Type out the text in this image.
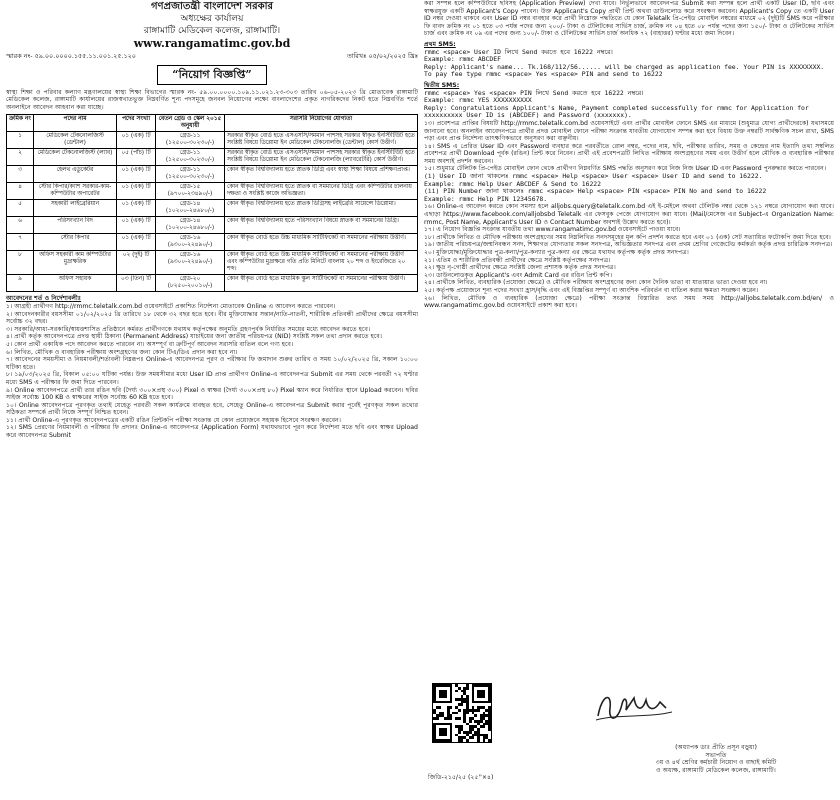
গণপ্রজাতন্ত্রী বাংলাদেশ সরকার
অধ্যক্ষের কার্যালয়
রাঙ্গামাটি মেডিকেল কলেজ, রাঙ্গামাটি।
www.rangamatimc.gov.bd
স্মারক নং- ৫৯.০০.০০০০.১৫৫.১১.০০১.২৫.১২০	তারিখঃ ০৫/০২/২০২৫ খ্রিঃ
“নিয়োগ বিজ্ঞপ্তি”

স্বাস্থ্য শিক্ষা ও পরিবার কল্যাণ মন্ত্রণালয়ের স্বাস্থ্য শিক্ষা বিভাগের স্মারক নং- ৫৯.০০.০০০০.১০৯.১১.০২১.২৩-৩০৩ তারিখ ০৬-০৫-২০২৩ খ্রি মোতাবেক রাঙ্গামাটি মেডিকেল কলেজ, রাঙ্গামাটি কার্যালয়ের রাজস্বখাতভুক্ত নিম্নবর্ণিত শূন্য পদসমূহে জনবল নিয়োগের লক্ষ্যে বাংলাদেশের প্রকৃত নাগরিকদের নিকট হতে নিম্নবর্ণিত শর্তে অনলাইনে আবেদন আহবান করা যাচ্ছে।

ক্রমিক নং	পদের নাম	পদের সংখ্যা	বেতন গ্রেড ও স্কেল ২০১৫ অনুযায়ী	সরাসরি নিয়োগের যোগ্যতা
১	মেডিকেল টেকনোলজিস্ট (ডেন্টাল)	০১ (এক) টি	গ্রেড-১১ (১২৫০০-৩০২৩০/-)	সরকার স্বীকৃত বোর্ড হতে এসএসসি/সমমান পাশসহ সরকার স্বীকৃত ইনস্টিটিউট হতে সংশ্লিষ্ট বিষয়ে ডিপ্লোমা ইন মেডিকেল টেকনোলজি (ডেন্টাল) কোর্স উত্তীর্ণ।
২	মেডিকেল টেকনোলজিস্ট (ল্যাব)	০৫ (পাঁচ) টি	গ্রেড-১১ (১২৫০০-৩০২৩০/-)	সরকার স্বীকৃত বোর্ড হতে এসএসসি/সমমান পাশসহ সরকার স্বীকৃত ইনস্টিটিউট হতে সংশ্লিষ্ট বিষয়ে ডিপ্লোমা ইন মেডিকেল টেকনোলজি (ল্যাবরেটরি) কোর্স উত্তীর্ণ।
৩	হেলথ এডুকেটর	০১ (এক) টি	গ্রেড-১১ (১২৫০০-৩০২৩০/-)	কোন স্বীকৃত বিশ্ববিদ্যালয় হতে স্নাতক ডিগ্রি এবং স্বাস্থ্য শিক্ষা বিষয়ে প্রশিক্ষণপ্রাপ্ত।
৪	স্টোর কিপার/ক্যাশ সরকার-কাম-কম্পিউটার অপারেটর	০১ (এক) টি	গ্রেড-১৫ (৯৭০০-২৩৪৯০/-)	কোন স্বীকৃত বিশ্ববিদ্যালয় হতে স্নাতক বা সমমানের ডিগ্রি এবং কম্পিউটার চালনায় দক্ষতা ও সংশ্লিষ্ট কাজে অভিজ্ঞতা।
৫	সহকারী লাইব্রেরিয়ান	০১ (এক) টি	গ্রেড-১৪ (১০২০০-২৪৬৮০/-)	কোন স্বীকৃত বিশ্ববিদ্যালয় হতে স্নাতক ডিগ্রিসহ লাইব্রেরি সায়েন্সে ডিপ্লোমা।
৬	পরিসংখ্যান বিদ	০১ (এক) টি	গ্রেড-১৪ (১০২০০-২৪৬৮০/-)	কোন স্বীকৃত বিশ্ববিদ্যালয় হতে পরিসংখ্যান বিষয়ে স্নাতক বা সমমানের ডিগ্রি।
৭	স্টোর কিপার	০১ (এক) টি	গ্রেড-১৬ (৯৩০০-২২৪৯০/-)	কোন স্বীকৃত বোর্ড হতে উচ্চ মাধ্যমিক সার্টিফিকেট বা সমমানের পরীক্ষায় উত্তীর্ণ।
৮	অফিস সহকারী কাম কম্পিউটার মুদ্রাক্ষরিক	০২ (দুই) টি	গ্রেড-১৬ (৯৩০০-২২৪৯০/-)	কোন স্বীকৃত বোর্ড হতে উচ্চ মাধ্যমিক সার্টিফিকেট বা সমমানের পরীক্ষায় উত্তীর্ণ এবং কম্পিউটার মুদ্রাক্ষরে গতি প্রতি মিনিটে বাংলায় ২০ শব্দ ও ইংরেজিতে ২০ শব্দ।
৯	অফিস সহায়ক	০৩ (তিন) টি	গ্রেড-২০ (৮২৫০-২০০১০/-)	কোন স্বীকৃত বোর্ড হতে মাধ্যমিক স্কুল সার্টিফিকেট বা সমমানের পরীক্ষায় উত্তীর্ণ।
আবেদনের শর্ত ও নির্দেশাবলীঃ

১। আগ্রহী প্রার্থীগণ http://rmmc.teletalk.com.bd ওয়েবসাইটে প্রকাশিত নির্দেশনা মোতাবেক Online এ আবেদন করতে পারবেন।

২। আবেদনকারীর বয়সসীমা ০১/০২/২০২৫ খ্রি তারিখে ১৮ থেকে ৩২ বছর হতে হবে। বীর মুক্তিযোদ্ধার সন্তান/নাতি-নাতনী, শারীরিক প্রতিবন্ধী প্রার্থীদের ক্ষেত্রে বয়সসীমা সর্বোচ্চ ৩২ বছর।

৩। সরকারি/আধা-সরকারি/স্বায়ত্তশাসিত প্রতিষ্ঠানে কর্মরত প্রার্থীগণকে যথাযথ কর্তৃপক্ষের অনুমতি গ্রহণপূর্বক নির্ধারিত সময়ের মধ্যে আবেদন করতে হবে।

৪। প্রার্থী কর্তৃক আবেদনপত্রে প্রদত্ত স্থায়ী ঠিকানা (Permanent Address) যাচাইয়ের জন্য জাতীয় পরিচয়পত্র (NID) সংশ্লিষ্ট সকল তথ্য প্রদান করতে হবে।

৫। কোন প্রার্থী একাধিক পদে আবেদন করতে পারবেন না। অসম্পূর্ণ বা ত্রুটিপূর্ণ আবেদন সরাসরি বাতিল বলে গণ্য হবে।

৬। লিখিত, মৌখিক ও ব্যবহারিক পরীক্ষায় অংশগ্রহণের জন্য কোন টিএ/ডিএ প্রদান করা হবে না।

৭। আবেদনের সময়সীমা ও নিয়মাবলী/শর্তাবলী নিম্নরূপঃ Online-এ আবেদনপত্র পূরণ ও পরীক্ষার ফি জমাদান শুরুর তারিখ ও সময় ১০/০২/২০২৫ খ্রি, সকাল ১০:০০ ঘটিকা হতে।

৮। ১৯/০৩/২০২৫ খ্রি, বিকাল ০৫:০০ ঘটিকা পর্যন্ত। উক্ত সময়সীমার মধ্যে User ID প্রাপ্ত প্রার্থীগণ Online-এ আবেদনপত্র Submit এর সময় থেকে পরবর্তী ৭২ ঘণ্টার মধ্যে SMS এ পরীক্ষার ফি জমা দিতে পারবেন।

৯। Online আবেদনপত্রে প্রার্থী তার রঙিন ছবি (দৈর্ঘ্য ৩০০×প্রস্থ ৩০০) Pixel ও স্বাক্ষর (দৈর্ঘ্য ৩০০×প্রস্থ ৮০) Pixel স্ক্যান করে নির্ধারিত স্থানে Upload করবেন। ছবির সাইজ সর্বোচ্চ 100 KB ও স্বাক্ষরের সাইজ সর্বোচ্চ 60 KB হতে হবে।

১০। Online আবেদনপত্রে পূরণকৃত তথ্যই যেহেতু পরবর্তী সকল কার্যক্রমে ব্যবহৃত হবে, সেহেতু Online-এ আবেদনপত্র Submit করার পূর্বেই পূরণকৃত সকল তথ্যের সঠিকতা সম্পর্কে প্রার্থী নিজে সম্পূর্ণ নিশ্চিত হবেন।

১১। প্রার্থী Online-এ পূরণকৃত আবেদনপত্রের একটি রঙিন প্রিন্টকপি পরীক্ষা সংক্রান্ত যে কোন প্রয়োজনে সহায়ক হিসেবে সংরক্ষণ করবেন।

১২। SMS প্রেরণের নিয়মাবলী ও পরীক্ষার ফি প্রদানঃ Online-এ আবেদনপত্র (Application Form) যথাযথভাবে পূরণ করে নির্দেশনা মতে ছবি এবং স্বাক্ষর Upload করে আবেদনপত্র Submit

করা সম্পন্ন হলে কম্পিউটারে ছবিসহ (Application Preview) দেখা যাবে। নির্ভুলভাবে আবেদনপত্র Submit করা সম্পন্ন হলে প্রার্থী একটি User ID, ছবি এবং স্বাক্ষরযুক্ত একটি Applicant's Copy পাবেন। উক্ত Applicant's Copy প্রার্থী প্রিন্ট অথবা ডাউনলোড করে সংরক্ষণ করবেন। Applicant's Copy তে একটি User ID নম্বর দেওয়া থাকবে এবং User ID নম্বর ব্যবহার করে প্রার্থী নিম্নোক্ত পদ্ধতিতে যে কোন Teletalk প্রি-পেইড মোবাইল নম্বরের মাধ্যমে ০২ (দুই)টি SMS করে পরীক্ষার ফি বাবদ ক্রমিক নং ০১ হতে ০৩ পর্যন্ত পদের জন্য ২০০/- টাকা ও টেলিটকের সার্ভিস চার্জ, ক্রমিক নং ০৪ হতে ০৮ পর্যন্ত পদের জন্য ১৫০/- টাকা ও টেলিটকের সার্ভিস চার্জ এবং ক্রমিক নং ০৯ এর পদের জন্য ১০০/- টাকা ও টেলিটকের সার্ভিস চার্জ অনধিক ৭২ (বাহাত্তর) ঘণ্টার মধ্যে জমা দিবেন।

প্রথম SMS:
rmmc <space> User ID লিখে Send করতে হবে 16222 নম্বরে।
Example: rmmc ABCDEF
Reply: Applicant's name... Tk.168/112/56...... will be charged as application fee. Your PIN is XXXXXXXX. To pay fee type rmmc <space> Yes <space> PIN and send to 16222
দ্বিতীয় SMS:
rmmc <space> Yes <space> PIN লিখে Send করতে হবে 16222 নম্বরে।
Example: rmmc YES XXXXXXXXXX
Reply: Congratulations Applicant's Name, Payment completed successfully for rmmc for Application for xxxxxxxxxx User ID is (ABCDEF) and Password (xxxxxxx).

১৩। প্রবেশপত্র প্রাপ্তির বিষয়টি http://rmmc.teletalk.com.bd ওয়েবসাইটে এবং প্রার্থীর মোবাইল ফোনে SMS এর মাধ্যমে (শুধুমাত্র যোগ্য প্রার্থীদেরকে) যথাসময়ে জানানো হবে। অনলাইন আবেদনপত্রে প্রার্থীর প্রদত্ত মোবাইল ফোনে পরীক্ষা সংক্রান্ত যাবতীয় যোগাযোগ সম্পন্ন করা হবে বিধায় উক্ত নম্বরটি সার্বক্ষণিক সচল রাখা, SMS পড়া এবং প্রাপ্ত নির্দেশনা তাৎক্ষণিকভাবে অনুসরণ করা বাঞ্ছনীয়।

১৪। SMS এ প্রেরিত User ID এবং Password ব্যবহার করে পরবর্তীতে রোল নম্বর, পদের নাম, ছবি, পরীক্ষার তারিখ, সময় ও কেন্দ্রের নাম ইত্যাদি তথ্য সম্বলিত প্রবেশপত্র প্রার্থী Download পূর্বক (রঙিন) প্রিন্ট করে নিবেন। প্রার্থী এই প্রবেশপত্রটি লিখিত পরীক্ষায় অংশগ্রহণের সময় এবং উত্তীর্ণ হলে মৌখিক ও ব্যবহারিক পরীক্ষার সময় অবশ্যই প্রদর্শন করবেন।

১৫। শুধুমাত্র টেলিটক প্রি-পেইড মোবাইল ফোন থেকে প্রার্থীগণ নিম্নবর্ণিত SMS পদ্ধতি অনুসরণ করে নিজ নিজ User ID এবং Password পুনরুদ্ধার করতে পারবেন।

(i) User ID জানা থাকলেঃ rmmc <space> Help <space> User <space> User ID and send to 16222.

Example: rmmc Help User ABCDEF & Send to 16222

(ii) PIN Number জানা থাকলেঃ rmmc <space> Help <space> PIN <space> PIN No and send to 16222

Example: rmmc Help PIN 12345678.

১৬। Online-এ আবেদন করতে কোন সমস্যা হলে alljobs.query@teletalk.com.bd এই ই-মেইলে অথবা টেলিটক নম্বর থেকে ১২১ নম্বরে যোগাযোগ করা যাবে। এছাড়া https://www.facebook.com/alljobsbd Teletalk এর ফেসবুক পেজে যোগাযোগ করা যাবে। (Mail/মেসেজ এর Subject-এ Organization Name: rmmc, Post Name, Applicant's User ID ও Contact Number অবশ্যই উল্লেখ করতে হবে)।

১৭। এ নিয়োগ বিজ্ঞপ্তি সংক্রান্ত যাবতীয় তথ্য www.rangamatimc.gov.bd ওয়েবসাইটে পাওয়া যাবে।

১৮। প্রার্থীকে লিখিত ও মৌখিক পরীক্ষায় অংশগ্রহণের সময় নিম্নলিখিত সনদসমূহের মূল কপি প্রদর্শন করতে হবে এবং ০১ (এক) সেট সত্যায়িত ফটোকপি জমা দিতে হবে।

১৯। জাতীয় পরিচয়পত্র/জন্মনিবন্ধন সনদ, শিক্ষাগত যোগ্যতার সকল সনদপত্র, অভিজ্ঞতার সনদপত্র এবং প্রথম শ্রেণির গেজেটেড কর্মকর্তা কর্তৃক প্রদত্ত চারিত্রিক সনদপত্র।

২০। মুক্তিযোদ্ধা/মুক্তিযোদ্ধার পুত্র-কন্যা/পুত্র-কন্যার পুত্র-কন্যা এর ক্ষেত্রে যথাযথ কর্তৃপক্ষ কর্তৃক প্রদত্ত সনদপত্র।

২১। এতিম ও শারীরিক প্রতিবন্ধী প্রার্থীদের ক্ষেত্রে সংশ্লিষ্ট কর্তৃপক্ষের সনদপত্র।

২২। ক্ষুদ্র নৃ-গোষ্ঠী প্রার্থীদের ক্ষেত্রে সংশ্লিষ্ট জেলা প্রশাসক কর্তৃক প্রদত্ত সনদপত্র।

২৩। ডাউনলোডকৃত Applicant's এবং Admit Card এর রঙিন প্রিন্ট কপি।

২৪। প্রার্থীকে লিখিত, ব্যবহারিক (প্রযোজ্য ক্ষেত্রে) ও মৌখিক পরীক্ষায় অংশগ্রহণের জন্য কোন দৈনিক ভাতা বা যাতায়াত ভাতা দেওয়া হবে না।

২৫। কর্তৃপক্ষ প্রয়োজনে শূন্য পদের সংখ্যা হ্রাস/বৃদ্ধি এবং এই বিজ্ঞপ্তির সম্পূর্ণ বা আংশিক পরিবর্তন বা বাতিল করার ক্ষমতা সংরক্ষণ করেন।

২৬। লিখিত, মৌখিক ও ব্যবহারিক (প্রযোজ্য ক্ষেত্রে) পরীক্ষা সংক্রান্ত বিস্তারিত তথ্য সময় সময় http://alljobs.teletalk.com.bd/en/ ও www.rangamatimc.gov.bd ওয়েবসাইটে প্রকাশ করা হবে।

(অধ্যাপক ডাঃ প্রীতি প্রসূন বড়ুয়া)
সভাপতি
৩য় ও ৪র্থ শ্রেণির কর্মচারী নিয়োগ ও বাছাই কমিটি
ও অধ্যক্ষ, রাঙ্গামাটি মেডিকেল কলেজ, রাঙ্গামাটি।
জিডি-২১৫/২৫ (২৫''×৪)
